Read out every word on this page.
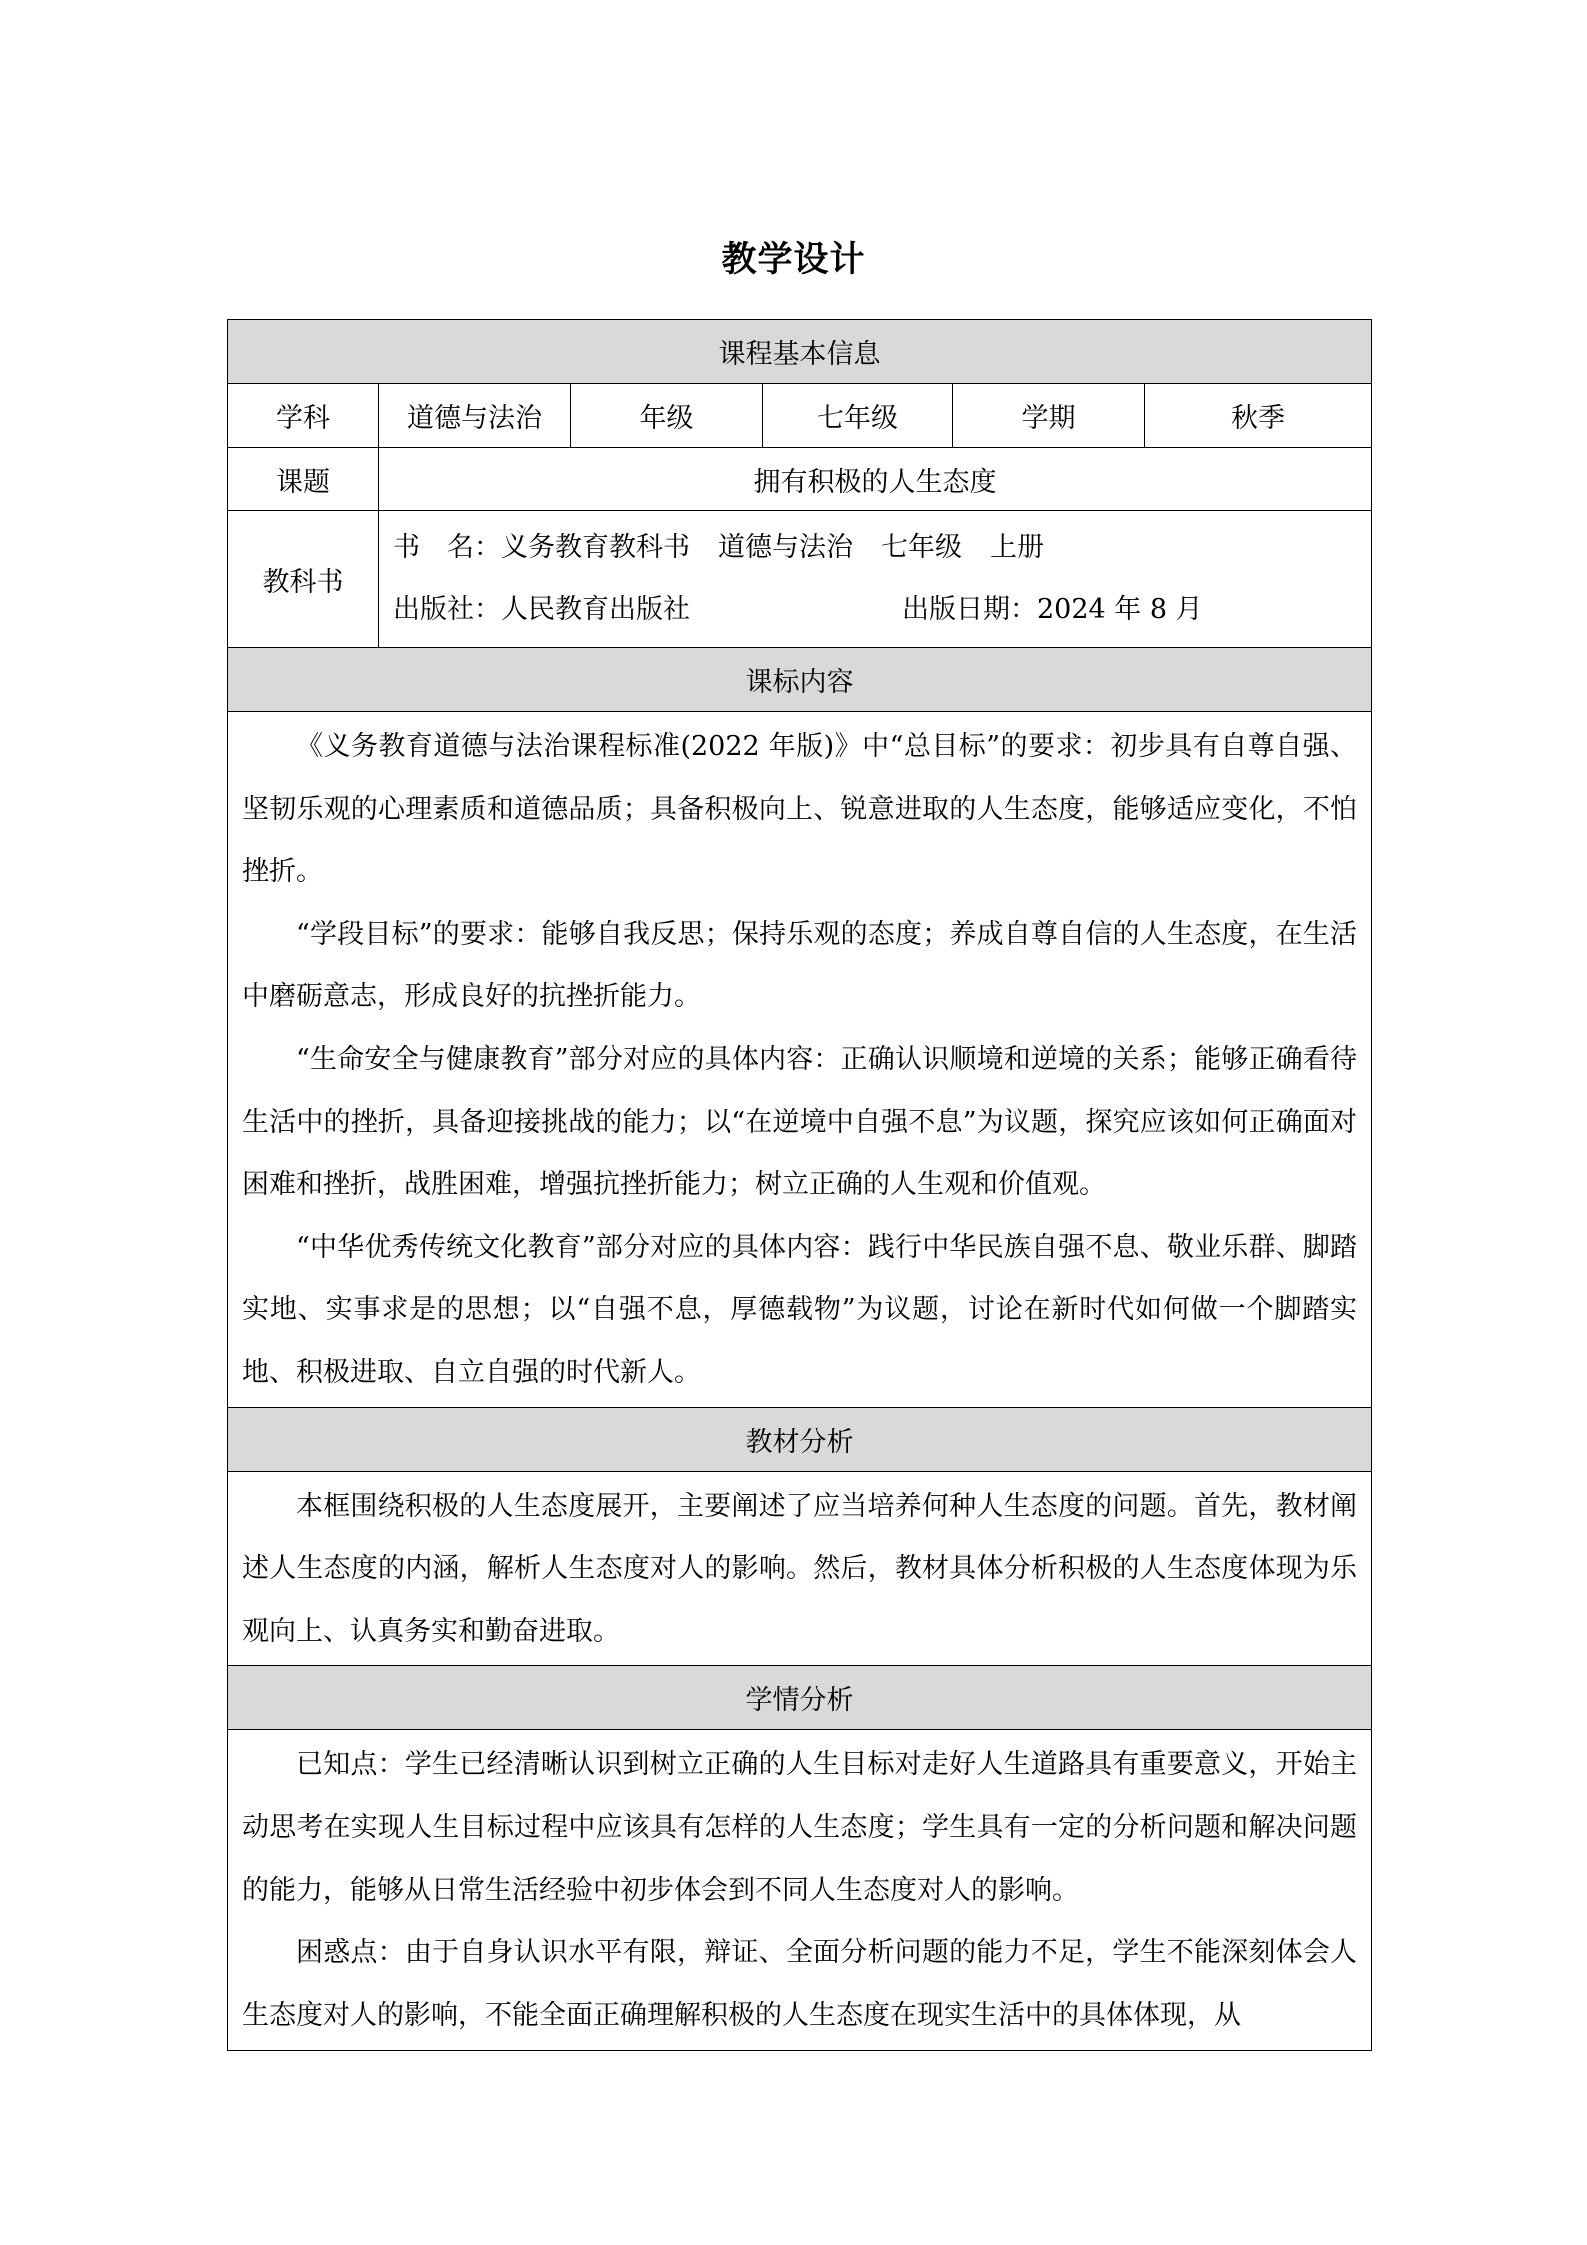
教学设计
课程基本信息					
学科	道德与法治	年级	七年级	学期	秋季
课题	拥有积极的人生态度				
教科书	书　名：义务教育教科书 道德与法治 七年级 上册
出版社：人民教育出版社 出版日期：2024 年 8 月				

课标内容					

《义务教育道德与法治课程标准(2022 年版)》中“总目标”的要求：初步具有自尊自强、坚韧乐观的心理素质和道德品质；具备积极向上、锐意进取的人生态度，能够适应变化，不怕挫折。

“学段目标”的要求：能够自我反思；保持乐观的态度；养成自尊自信的人生态度，在生活中磨砺意志，形成良好的抗挫折能力。

“生命安全与健康教育”部分对应的具体内容：正确认识顺境和逆境的关系；能够正确看待生活中的挫折，具备迎接挑战的能力；以“在逆境中自强不息”为议题，探究应该如何正确面对困难和挫折，战胜困难，增强抗挫折能力；树立正确的人生观和价值观。

“中华优秀传统文化教育”部分对应的具体内容：践行中华民族自强不息、敬业乐群、脚踏实地、实事求是的思想；以“自强不息，厚德载物”为议题，讨论在新时代如何做一个脚踏实地、积极进取、自立自强的时代新人。					

教材分析					

本框围绕积极的人生态度展开，主要阐述了应当培养何种人生态度的问题。首先，教材阐述人生态度的内涵，解析人生态度对人的影响。然后，教材具体分析积极的人生态度体现为乐观向上、认真务实和勤奋进取。					

学情分析					

已知点：学生已经清晰认识到树立正确的人生目标对走好人生道路具有重要意义，开始主动思考在实现人生目标过程中应该具有怎样的人生态度；学生具有一定的分析问题和解决问题的能力，能够从日常生活经验中初步体会到不同人生态度对人的影响。

困惑点：由于自身认识水平有限，辩证、全面分析问题的能力不足，学生不能深刻体会人生态度对人的影响，不能全面正确理解积极的人生态度在现实生活中的具体体现，从					
